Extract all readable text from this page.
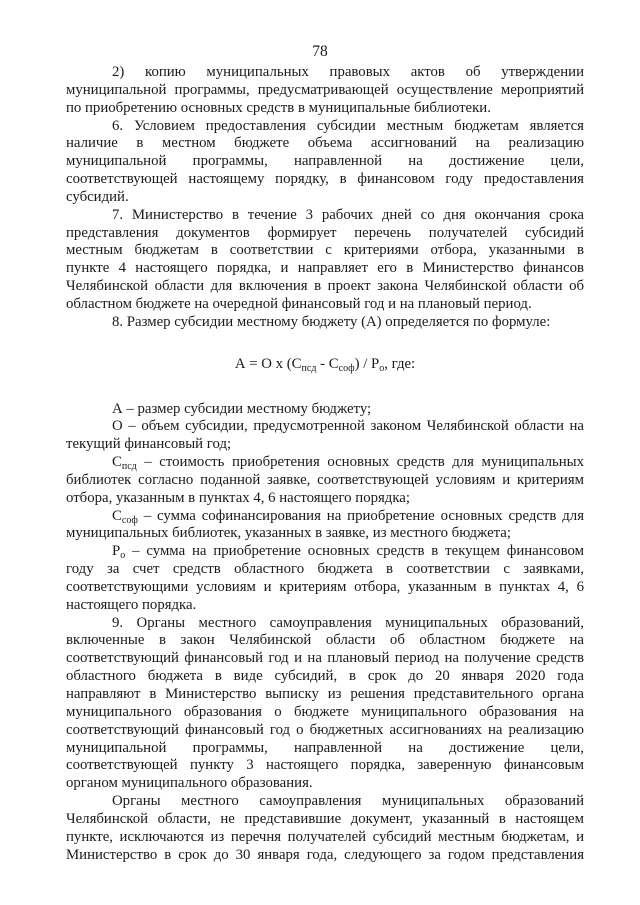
78
2) копию муниципальных правовых актов об утверждении
муниципальной программы, предусматривающей осуществление мероприятий
по приобретению основных средств в муниципальные библиотеки.
6. Условием предоставления субсидии местным бюджетам является
наличие в местном бюджете объема ассигнований на реализацию
муниципальной программы, направленной на достижение цели,
соответствующей настоящему порядку, в финансовом году предоставления
субсидий.
7. Министерство в течение 3 рабочих дней со дня окончания срока
представления документов формирует перечень получателей субсидий
местным бюджетам в соответствии с критериями отбора, указанными в
пункте 4 настоящего порядка, и направляет его в Министерство финансов
Челябинской области для включения в проект закона Челябинской области об
областном бюджете на очередной финансовый год и на плановый период.
8. Размер субсидии местному бюджету (А) определяется по формуле:
А = О х $(С_{псд} - С_{соф}) / Р_о$, где:
А – размер субсидии местному бюджету;
О – объем субсидии, предусмотренной законом Челябинской области на
текущий финансовый год;
$С_{псд}$ – стоимость приобретения основных средств для муниципальных
библиотек согласно поданной заявке, соответствующей условиям и критериям
отбора, указанным в пунктах 4, 6 настоящего порядка;
$С_{соф}$ – сумма софинансирования на приобретение основных средств для
муниципальных библиотек, указанных в заявке, из местного бюджета;
$Р_о$ – сумма на приобретение основных средств в текущем финансовом
году за счет средств областного бюджета в соответствии с заявками,
соответствующими условиям и критериям отбора, указанным в пунктах 4, 6
настоящего порядка.
9. Органы местного самоуправления муниципальных образований,
включенные в закон Челябинской области об областном бюджете на
соответствующий финансовый год и на плановый период на получение средств
областного бюджета в виде субсидий, в срок до 20 января 2020 года
направляют в Министерство выписку из решения представительного органа
муниципального образования о бюджете муниципального образования на
соответствующий финансовый год о бюджетных ассигнованиях на реализацию
муниципальной программы, направленной на достижение цели,
соответствующей пункту 3 настоящего порядка, заверенную финансовым
органом муниципального образования.
Органы местного самоуправления муниципальных образований
Челябинской области, не представившие документ, указанный в настоящем
пункте, исключаются из перечня получателей субсидий местным бюджетам, и
Министерство в срок до 30 января года, следующего за годом представления
